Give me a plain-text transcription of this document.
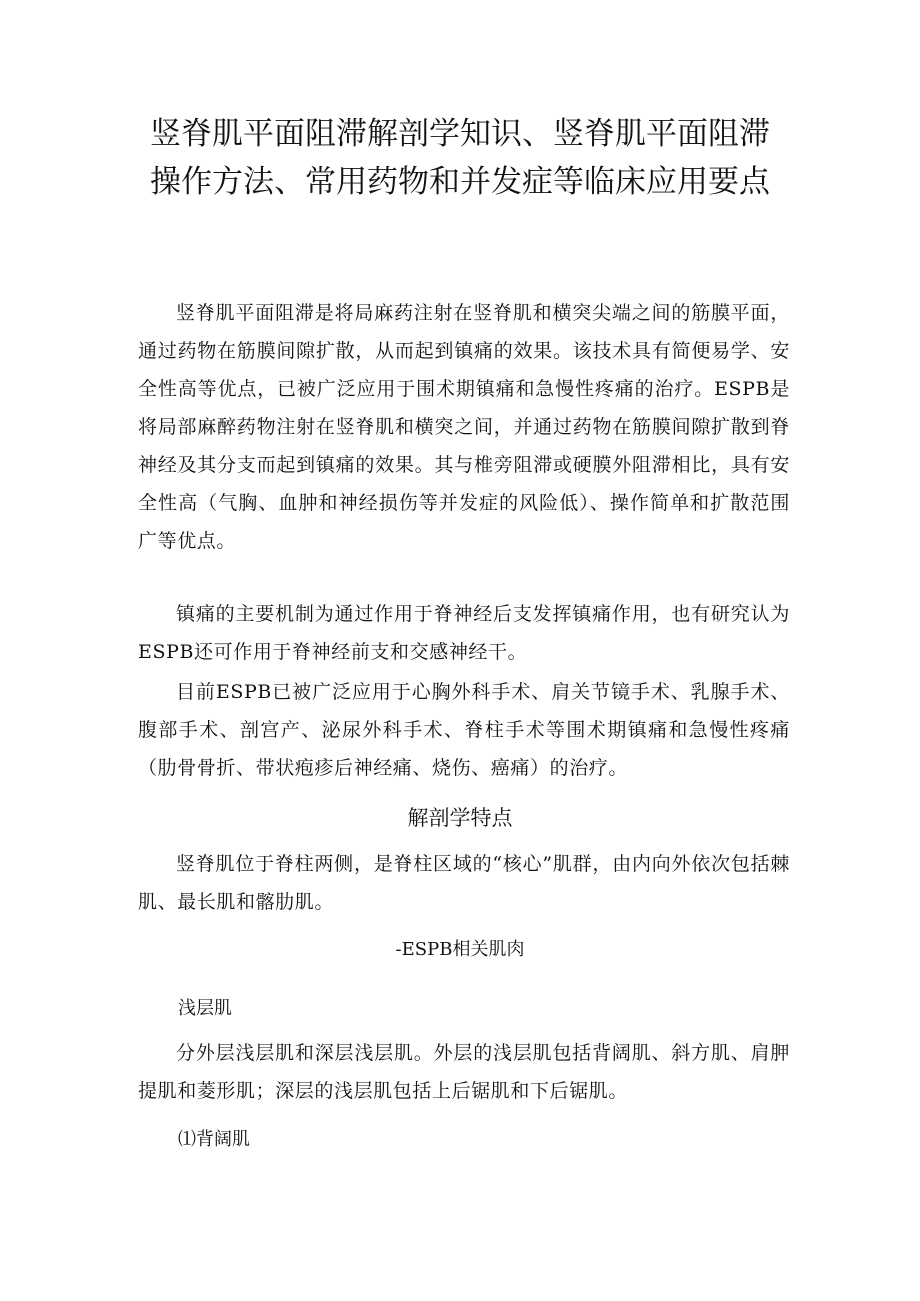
竖脊肌平面阻滞解剖学知识、竖脊肌平面阻滞操作方法、常用药物和并发症等临床应用要点

竖脊肌平面阻滞是将局麻药注射在竖脊肌和横突尖端之间的筋膜平面，通过药物在筋膜间隙扩散，从而起到镇痛的效果。该技术具有简便易学、安全性高等优点，已被广泛应用于围术期镇痛和急慢性疼痛的治疗。ESPB是将局部麻醉药物注射在竖脊肌和横突之间，并通过药物在筋膜间隙扩散到脊神经及其分支而起到镇痛的效果。其与椎旁阻滞或硬膜外阻滞相比，具有安全性高（气胸、血肿和神经损伤等并发症的风险低）、操作简单和扩散范围广等优点。

镇痛的主要机制为通过作用于脊神经后支发挥镇痛作用，也有研究认为ESPB还可作用于脊神经前支和交感神经干。

目前ESPB已被广泛应用于心胸外科手术、肩关节镜手术、乳腺手术、腹部手术、剖宫产、泌尿外科手术、脊柱手术等围术期镇痛和急慢性疼痛（肋骨骨折、带状疱疹后神经痛、烧伤、癌痛）的治疗。

解剖学特点

竖脊肌位于脊柱两侧，是脊柱区域的“核心”肌群，由内向外依次包括棘肌、最长肌和髂肋肌。

-ESPB相关肌肉

浅层肌

分外层浅层肌和深层浅层肌。外层的浅层肌包括背阔肌、斜方肌、肩胛提肌和菱形肌；深层的浅层肌包括上后锯肌和下后锯肌。

⑴背阔肌
